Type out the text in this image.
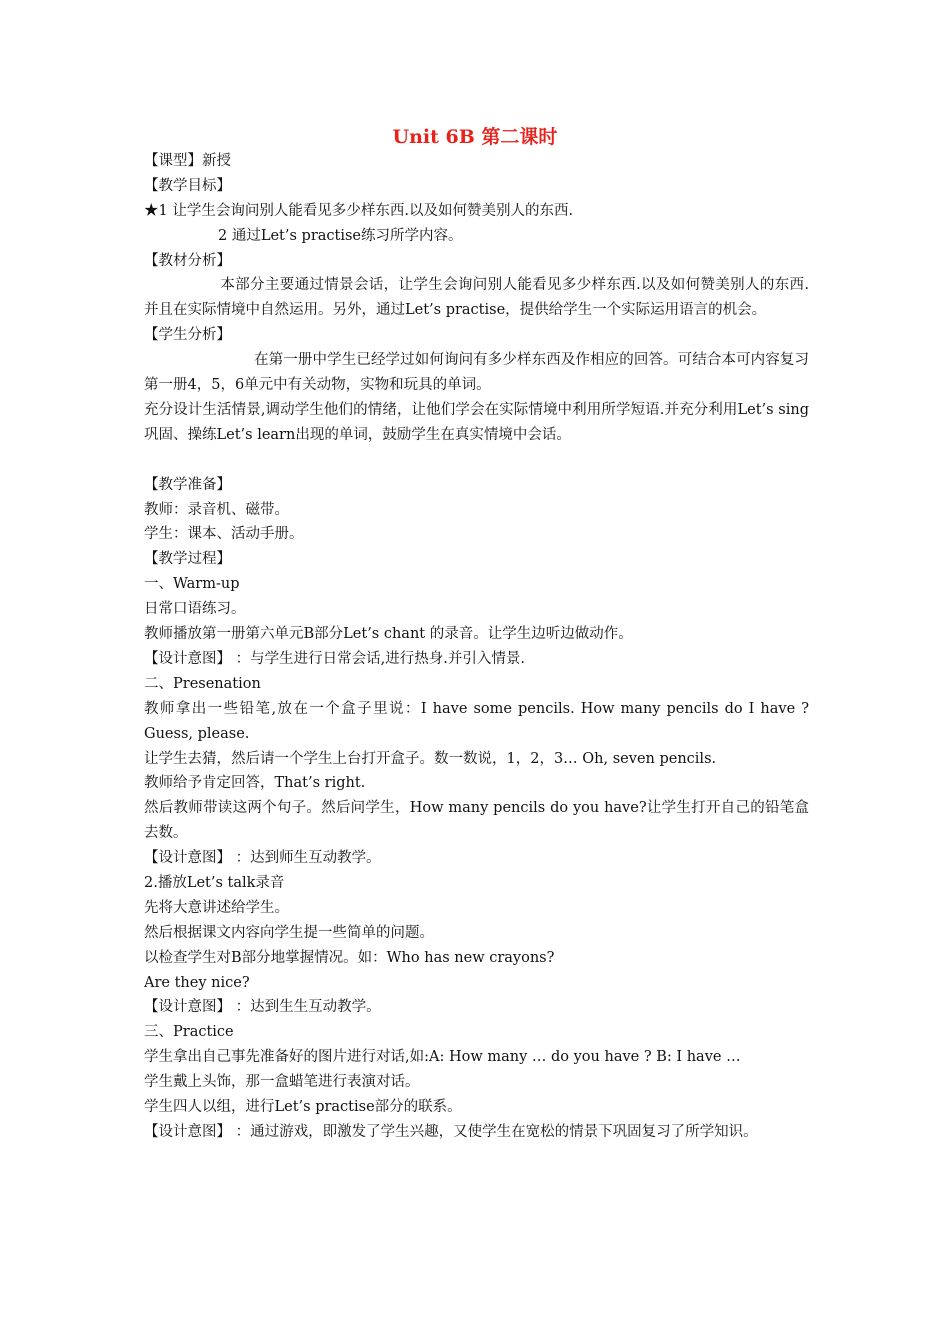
Unit 6B 第二课时

【课型】新授

【教学目标】

★1 让学生会询问别人能看见多少样东西.以及如何赞美别人的东西.

2 通过Let’s practise练习所学内容。

【教材分析】

本部分主要通过情景会话，让学生会询问别人能看见多少样东西.以及如何赞美别人的东西.并且在实际情境中自然运用。另外，通过Let’s practise，提供给学生一个实际运用语言的机会。

【学生分析】

在第一册中学生已经学过如何询问有多少样东西及作相应的回答。可结合本可内容复习第一册4，5，6单元中有关动物，实物和玩具的单词。

充分设计生活情景,调动学生他们的情绪，让他们学会在实际情境中利用所学短语.并充分利用Let’s sing 巩固、操练Let’s learn出现的单词，鼓励学生在真实情境中会话。

【教学准备】

教师：录音机、磁带。

学生：课本、活动手册。

【教学过程】

一、Warm-up

日常口语练习。

教师播放第一册第六单元B部分Let’s chant 的录音。让学生边听边做动作。

【设计意图】 ：与学生进行日常会话,进行热身.并引入情景.

二、Presenation

教师拿出一些铅笔,放在一个盒子里说：I have some pencils. How many pencils do I have ? Guess, please.

让学生去猜，然后请一个学生上台打开盒子。数一数说，1，2，3… Oh, seven pencils.

教师给予肯定回答，That’s right.

然后教师带读这两个句子。然后问学生，How many pencils do you have?让学生打开自己的铅笔盒去数。

【设计意图】 ：达到师生互动教学。

2.播放Let’s talk录音

先将大意讲述给学生。

然后根据课文内容向学生提一些简单的问题。

以检查学生对B部分地掌握情况。如：Who has new crayons?

Are they nice?

【设计意图】 ：达到生生互动教学。

三、Practice

学生拿出自己事先准备好的图片进行对话,如:A: How many … do you have ? B: I have …

学生戴上头饰，那一盒蜡笔进行表演对话。

学生四人以组，进行Let’s practise部分的联系。

【设计意图】 ：通过游戏，即激发了学生兴趣，又使学生在宽松的情景下巩固复习了所学知识。
